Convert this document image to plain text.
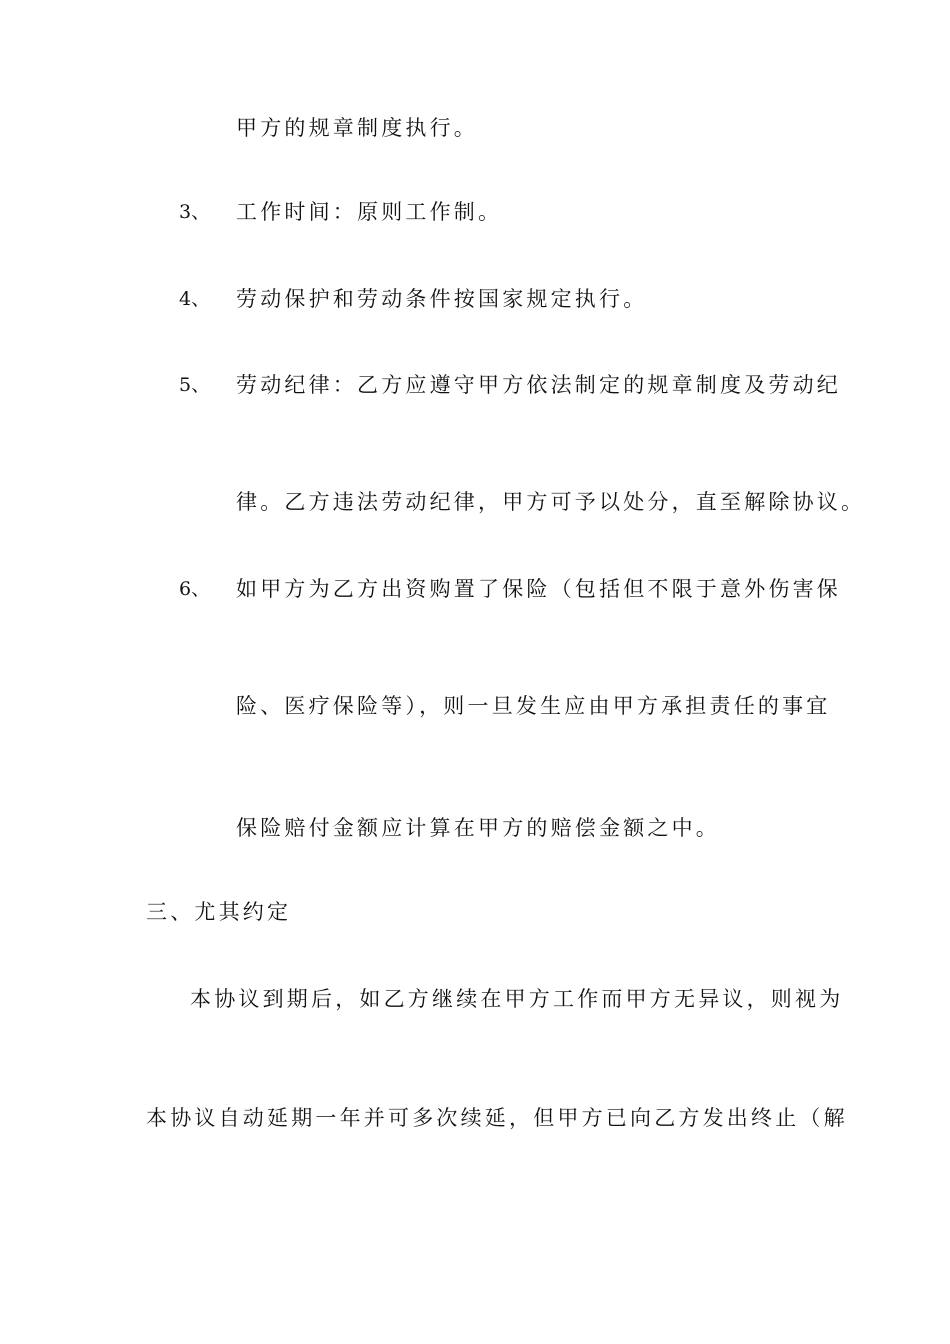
甲方的规章制度执行。
3、 工作时间：原则工作制。
4、 劳动保护和劳动条件按国家规定执行。
5、 劳动纪律：乙方应遵守甲方依法制定的规章制度及劳动纪
律。乙方违法劳动纪律，甲方可予以处分，直至解除协议。
6、 如甲方为乙方出资购置了保险（包括但不限于意外伤害保
险、医疗保险等），则一旦发生应由甲方承担责任的事宜
保险赔付金额应计算在甲方的赔偿金额之中。
三、尤其约定
本协议到期后，如乙方继续在甲方工作而甲方无异议，则视为
本协议自动延期一年并可多次续延，但甲方已向乙方发出终止（解
